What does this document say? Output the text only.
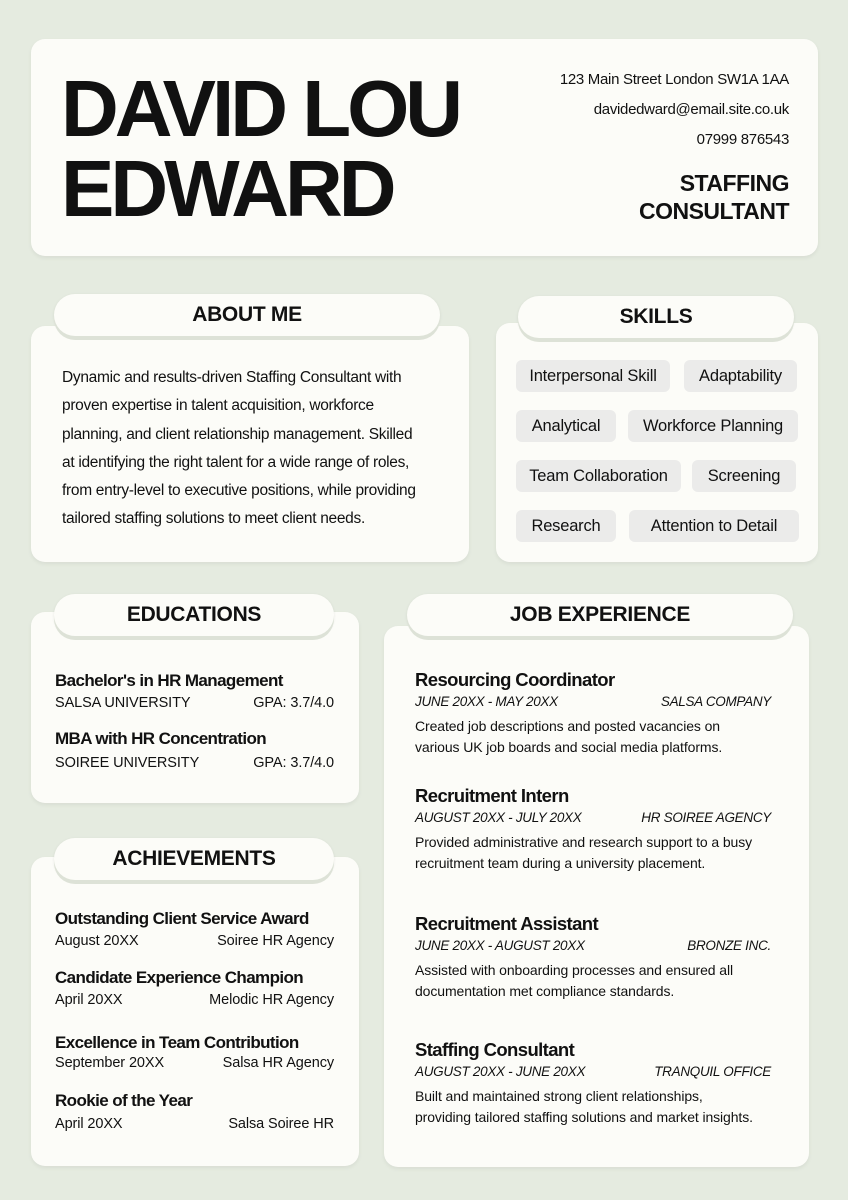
DAVID LOU
EDWARD
123 Main Street London SW1A 1AA
davidedward@email.site.co.uk
07999 876543
STAFFING
CONSULTANT
ABOUT ME
Dynamic and results-driven Staffing Consultant with
proven expertise in talent acquisition, workforce
planning, and client relationship management. Skilled
at identifying the right talent for a wide range of roles,
from entry-level to executive positions, while providing
tailored staffing solutions to meet client needs.
SKILLS
Interpersonal Skill	Adaptability
Analytical	Workforce Planning
Team Collaboration	Screening
Research	Attention to Detail
EDUCATIONS
Bachelor's in HR Management
SALSA UNIVERSITY	GPA: 3.7/4.0
MBA with HR Concentration
SOIREE UNIVERSITY	GPA: 3.7/4.0
ACHIEVEMENTS
Outstanding Client Service Award
August 20XX	Soiree HR Agency
Candidate Experience Champion
April 20XX	Melodic HR Agency
Excellence in Team Contribution
September 20XX	Salsa HR Agency
Rookie of the Year
April 20XX	Salsa Soiree HR
JOB EXPERIENCE
Resourcing Coordinator
JUNE 20XX - MAY 20XX	SALSA COMPANY
Created job descriptions and posted vacancies on
various UK job boards and social media platforms.
Recruitment Intern
AUGUST 20XX - JULY 20XX	HR SOIREE AGENCY
Provided administrative and research support to a busy
recruitment team during a university placement.
Recruitment Assistant
JUNE 20XX - AUGUST 20XX	BRONZE INC.
Assisted with onboarding processes and ensured all
documentation met compliance standards.
Staffing Consultant
AUGUST 20XX - JUNE 20XX	TRANQUIL OFFICE
Built and maintained strong client relationships,
providing tailored staffing solutions and market insights.
